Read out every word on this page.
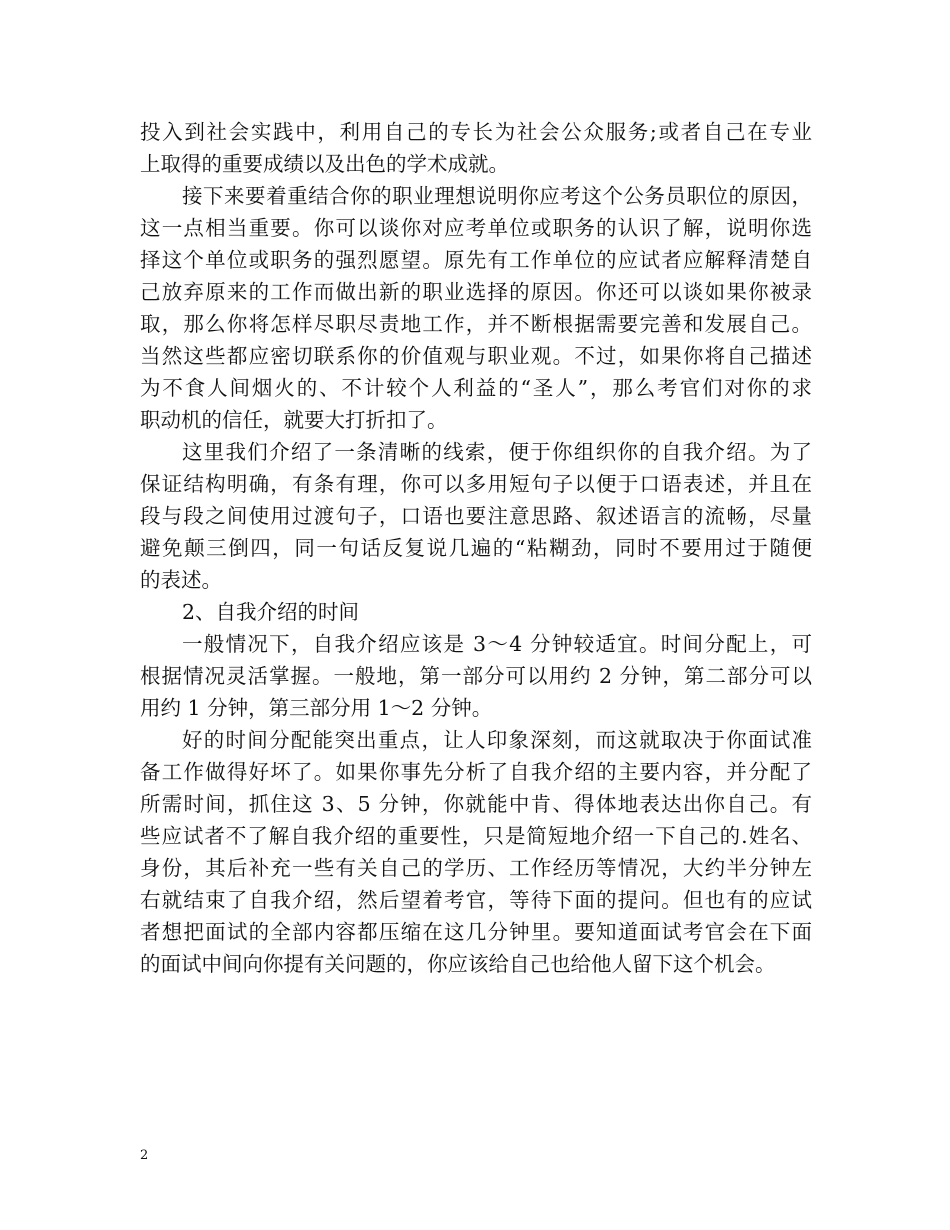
投入到社会实践中，利用自己的专长为社会公众服务;或者自己在专业
上取得的重要成绩以及出色的学术成就。
接下来要着重结合你的职业理想说明你应考这个公务员职位的原因，
这一点相当重要。你可以谈你对应考单位或职务的认识了解，说明你选
择这个单位或职务的强烈愿望。原先有工作单位的应试者应解释清楚自
己放弃原来的工作而做出新的职业选择的原因。你还可以谈如果你被录
取，那么你将怎样尽职尽责地工作，并不断根据需要完善和发展自己。
当然这些都应密切联系你的价值观与职业观。不过，如果你将自己描述
为不食人间烟火的、不计较个人利益的“圣人”，那么考官们对你的求
职动机的信任，就要大打折扣了。
这里我们介绍了一条清晰的线索，便于你组织你的自我介绍。为了
保证结构明确，有条有理，你可以多用短句子以便于口语表述，并且在
段与段之间使用过渡句子，口语也要注意思路、叙述语言的流畅，尽量
避免颠三倒四，同一句话反复说几遍的“粘糊劲，同时不要用过于随便
的表述。
2、自我介绍的时间
一般情况下，自我介绍应该是 3～4 分钟较适宜。时间分配上，可
根据情况灵活掌握。一般地，第一部分可以用约 2 分钟，第二部分可以
用约 1 分钟，第三部分用 1～2 分钟。
好的时间分配能突出重点，让人印象深刻，而这就取决于你面试准
备工作做得好坏了。如果你事先分析了自我介绍的主要内容，并分配了
所需时间，抓住这 3、5 分钟，你就能中肯、得体地表达出你自己。有
些应试者不了解自我介绍的重要性，只是简短地介绍一下自己的.姓名、
身份，其后补充一些有关自己的学历、工作经历等情况，大约半分钟左
右就结束了自我介绍，然后望着考官，等待下面的提问。但也有的应试
者想把面试的全部内容都压缩在这几分钟里。要知道面试考官会在下面
的面试中间向你提有关问题的，你应该给自己也给他人留下这个机会。
2
